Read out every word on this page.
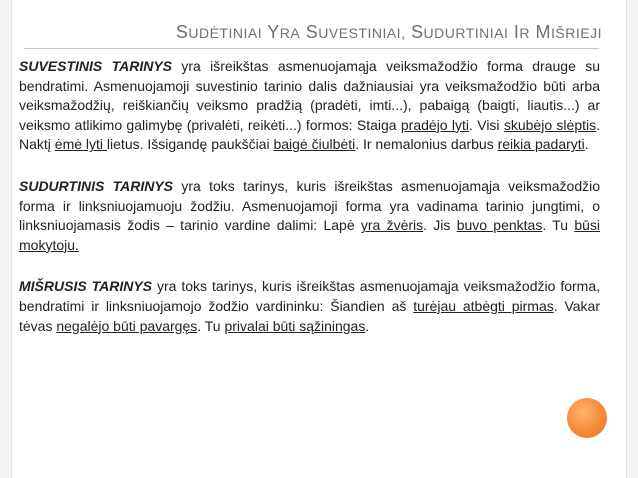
SUDĖTINIAI YRA SUVESTINIAI, SUDURTINIAI IR MIŠRIEJI

SUVESTINIS TARINYS yra išreikštas asmenuojamąja veiksmažodžio forma drauge su bendratimi. Asmenuojamoji suvestinio tarinio dalis dažniausiai yra veiksmažodžio būti arba veiksmažodžių, reiškiančių veiksmo pradžią (pradėti, imti...), pabaigą (baigti, liautis...) ar veiksmo atlikimo galimybę (privalėti, reikėti...) formos: Staiga pradėjo lyti. Visi skubėjo slėptis. Naktį ėmė lyti lietus. Išsigandę paukščiai baigė čiulbėti. Ir nemalonius darbus reikia padaryti.

SUDURTINIS TARINYS yra toks tarinys, kuris išreikštas asmenuojamąja veiksmažodžio forma ir linksniuojamuoju žodžiu. Asmenuojamoji forma yra vadinama tarinio jungtimi, o linksniuojamasis žodis – tarinio vardine dalimi: Lapė yra žvėris. Jis buvo penktas. Tu būsi mokytoju.

MIŠRUSIS TARINYS yra toks tarinys, kuris išreikštas asmenuojamąja veiksmažodžio forma, bendratimi ir linksniuojamojo žodžio vardininku: Šiandien aš turėjau atbėgti pirmas. Vakar tėvas negalėjo būti pavargęs. Tu privalai būti sąžiningas.
